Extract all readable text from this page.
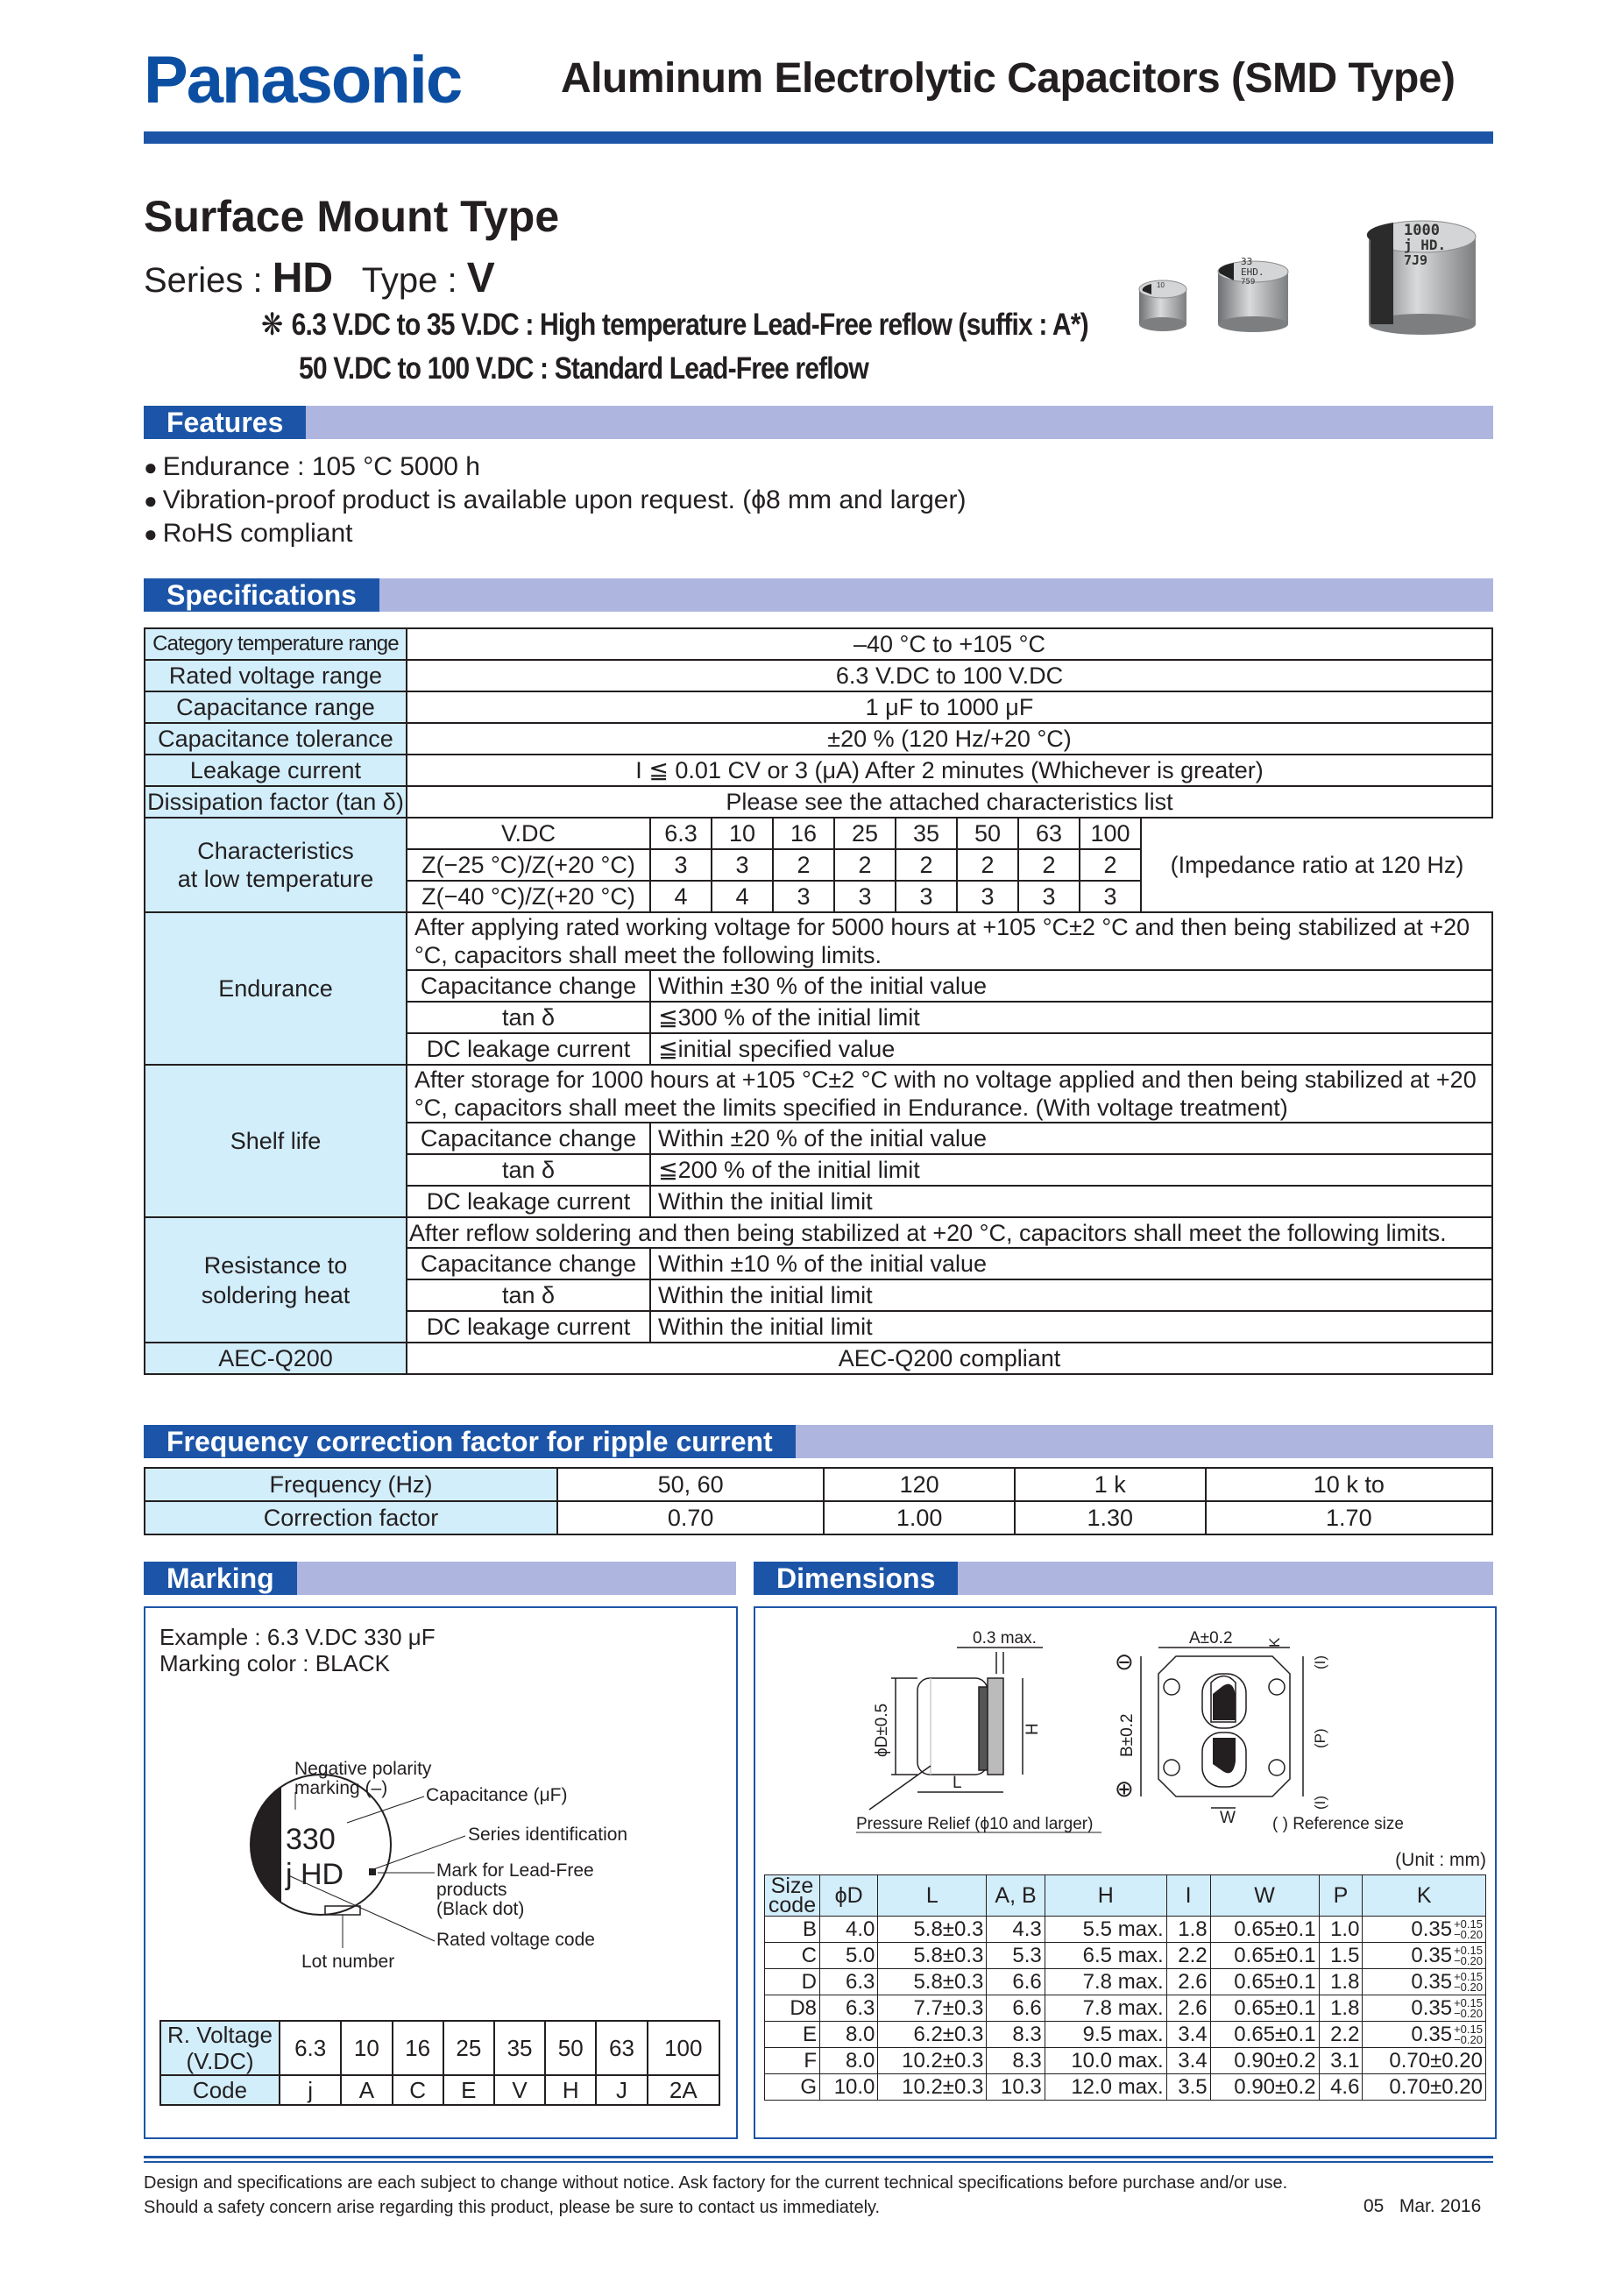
Panasonic Aluminum Electrolytic Capacitors (SMD Type)
Surface Mount Type
Series : HD Type : V
❋ 6.3 V.DC to 35 V.DC : High temperature Lead-Free reflow (suffix : A*)
50 V.DC to 100 V.DC : Standard Lead-Free reflow
10
33
EHD.
759
1000
j HD.
7J9
Features
● Endurance : 105 °C 5000 h
● Vibration-proof product is available upon request. (ϕ8 mm and larger)
● RoHS compliant
Specifications
Category temperature range	–40 °C to +105 °C									
Rated voltage range	6.3 V.DC to 100 V.DC									
Capacitance range	1 μF to 1000 μF									
Capacitance tolerance	±20 % (120 Hz/+20 °C)									
Leakage current	I ≦ 0.01 CV or 3 (μA) After 2 minutes (Whichever is greater)									
Dissipation factor (tan δ)	Please see the attached characteristics list									

Characteristics
at low temperature	V.DC	6.3	10	16	25	35	50	63	100	(Impedance ratio at 120 Hz)
	Z(−25 °C)/Z(+20 °C)	3	3	2	2	2	2	2	2	
	Z(−40 °C)/Z(+20 °C)	4	4	3	3	3	3	3	3	
Endurance	After applying rated working voltage for 5000 hours at +105 °C±2 °C and then being stabilized at +20 °C, capacitors shall meet the following limits.									
	Capacitance change	Within ±30 % of the initial value								
	tan δ	≦300 % of the initial limit								
	DC leakage current	≦initial specified value								
Shelf life	After storage for 1000 hours at +105 °C±2 °C with no voltage applied and then being stabilized at +20 °C, capacitors shall meet the limits specified in Endurance. (With voltage treatment)									
	Capacitance change	Within ±20 % of the initial value								
	tan δ	≦200 % of the initial limit								
	DC leakage current	Within the initial limit								

Resistance to
soldering heat	After reflow soldering and then being stabilized at +20 °C, capacitors shall meet the following limits.									
	Capacitance change	Within ±10 % of the initial value								
	tan δ	Within the initial limit								
	DC leakage current	Within the initial limit								
AEC-Q200	AEC-Q200 compliant									
Frequency correction factor for ripple current
Frequency (Hz)	50, 60	120	1 k	10 k to
Correction factor	0.70	1.00	1.30	1.70
Marking	Dimensions
Example : 6.3 V.DC 330 μF
Marking color : BLACK
330
j HD
Negative polarity
marking (–) Capacitance (μF)
Series identification
Mark for Lead-Free
products
(Black dot)
Rated voltage code
Lot number
R. Voltage
(V.DC)	6.3	10	16	25	35	50	63	100
Code	j	A	C	E	V	H	J	2A
0.3 max.
ϕD±0.5	H
L
Pressure Relief (ϕ10 and larger)
A±0.2
B±0.2
K
(I)
(P)
(I)
W
⊖
⊕
( ) Reference size
(Unit : mm)
Size code	ϕD	L	A, B	H	I	W	P	K
B	4.0	5.8±0.3	4.3	5.5 max.	1.8	0.65±0.1	1.0	0.35 +0.15
−0.20

C	5.0	5.8±0.3	5.3	6.5 max.	2.2	0.65±0.1	1.5	0.35 +0.15
−0.20

D	6.3	5.8±0.3	6.6	7.8 max.	2.6	0.65±0.1	1.8	0.35 +0.15
−0.20

D8	6.3	7.7±0.3	6.6	7.8 max.	2.6	0.65±0.1	1.8	0.35 +0.15
−0.20

E	8.0	6.2±0.3	8.3	9.5 max.	3.4	0.65±0.1	2.2	0.35 +0.15
−0.20

F	8.0	10.2±0.3	8.3	10.0 max.	3.4	0.90±0.2	3.1	0.70±0.20
G	10.0	10.2±0.3	10.3	12.0 max.	3.5	0.90±0.2	4.6	0.70±0.20
Design and specifications are each subject to change without notice. Ask factory for the current technical specifications before purchase and/or use.
Should a safety concern arise regarding this product, please be sure to contact us immediately.	05 Mar. 2016
